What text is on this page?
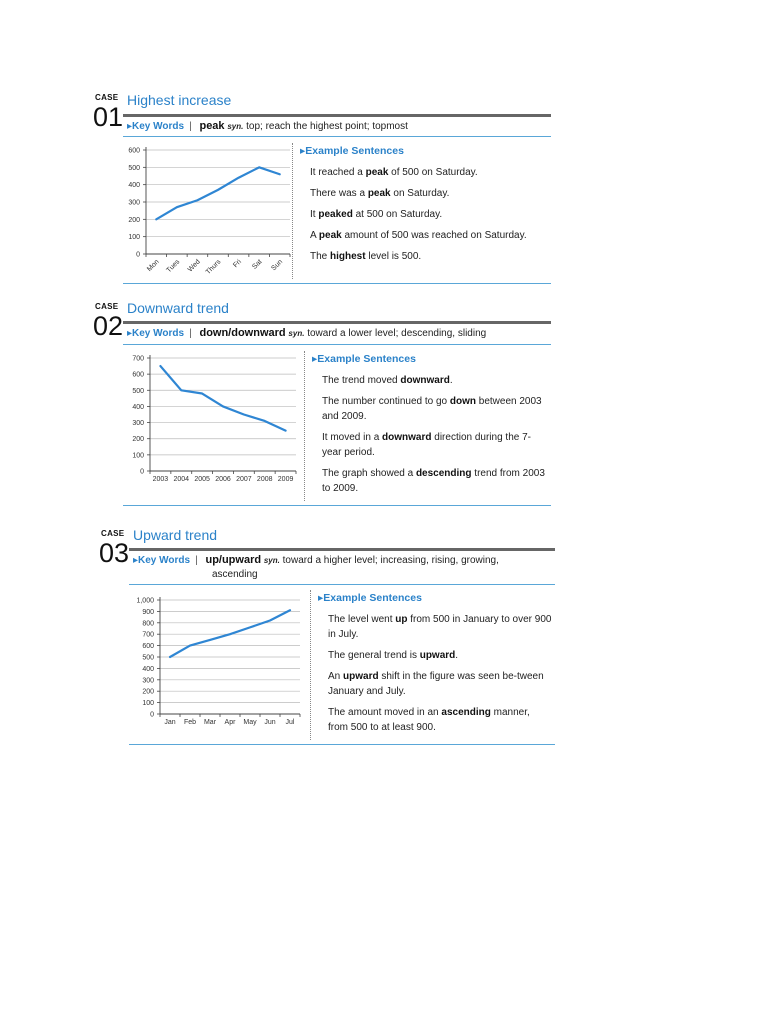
CASE
01
Highest increase
▸Key Words | peak syn. top; reach the highest point; topmost
0
100
200
300
400
500
600
Mon Tues Wed Thurs Fri Sat Sun
▸Example Sentences

It reached a peak of 500 on Saturday.

There was a peak on Saturday.

It peaked at 500 on Saturday.

A peak amount of 500 was reached on Saturday.

The highest level is 500.

CASE
02
Downward trend
▸Key Words | down/downward syn. toward a lower level; descending, sliding
0
100
200
300
400
500
600
700
2003 2004 2005 2006 2007 2008 2009
▸Example Sentences

The trend moved downward.

The number continued to go down between 2003 and 2009.

It moved in a downward direction during the 7-year period.

The graph showed a descending trend from 2003 to 2009.

CASE
03
Upward trend
▸Key Words | up/upward syn. toward a higher level; increasing, rising, growing,
ascending
0
100
200
300
400
500
600
700
800
900
1,000
Jan Feb Mar Apr May Jun Jul
▸Example Sentences

The level went up from 500 in January to over 900 in July.

The general trend is upward.

An upward shift in the figure was seen be-tween January and July.

The amount moved in an ascending manner, from 500 to at least 900.
